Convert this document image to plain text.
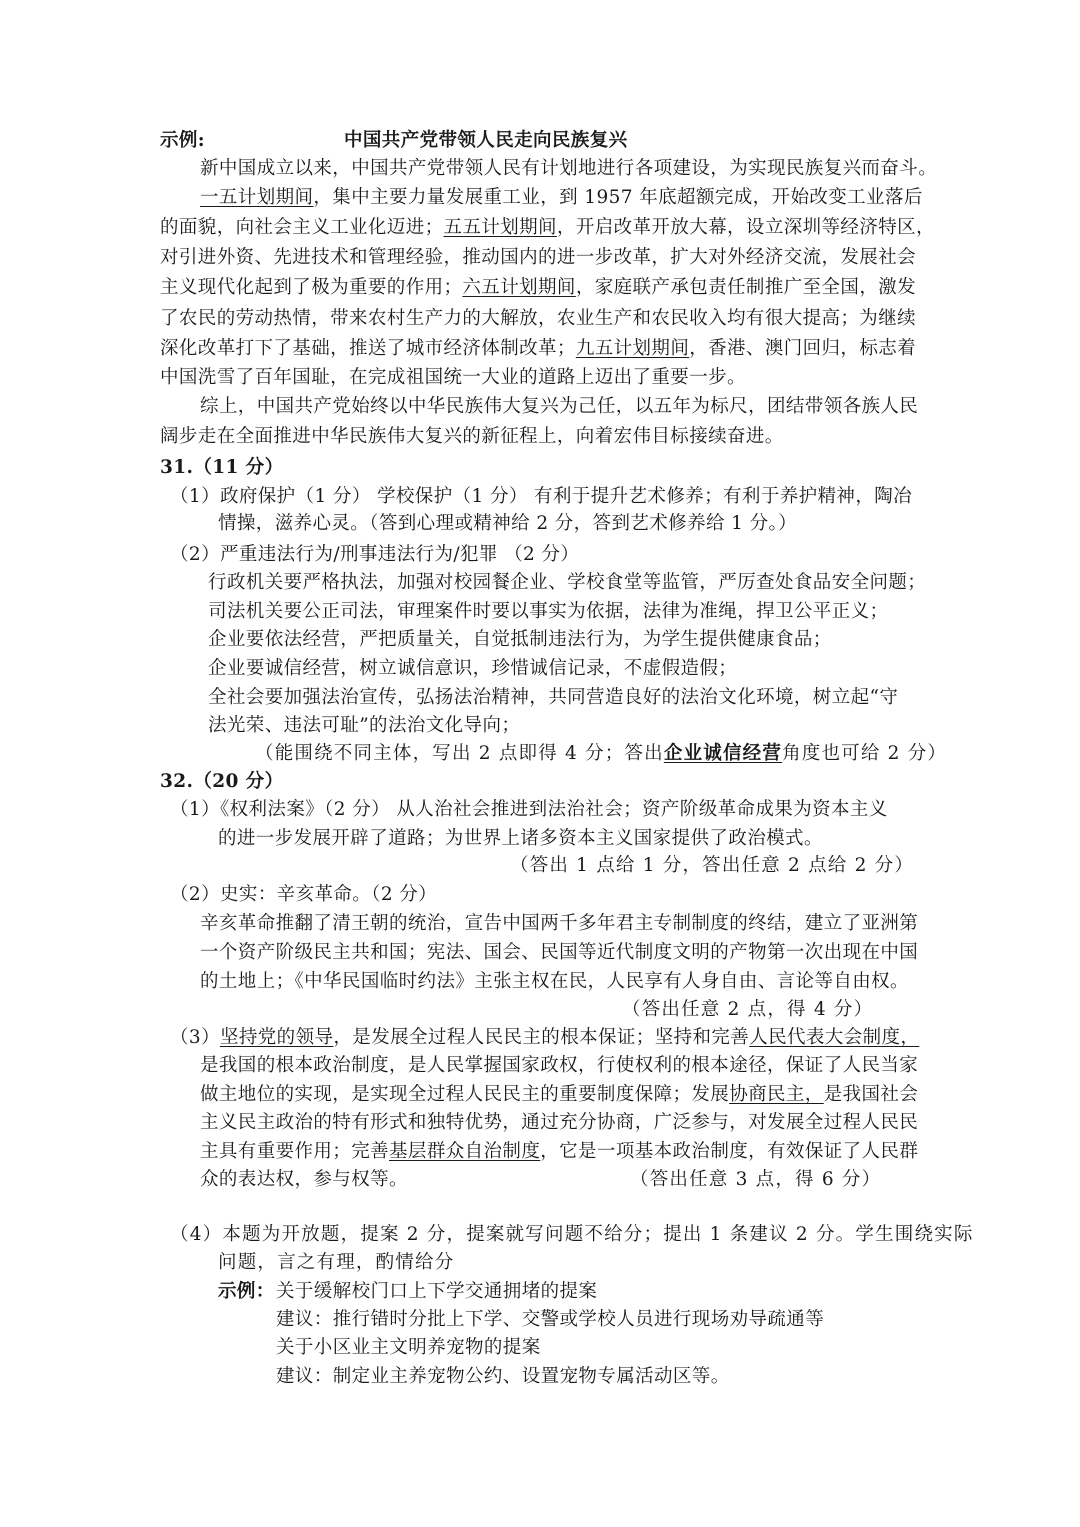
示例:	中国共产党带领人民走向民族复兴
新中国成立以来，中国共产党带领人民有计划地进行各项建设，为实现民族复兴而奋斗。
一五计划期间，集中主要力量发展重工业，到 1957 年底超额完成，开始改变工业落后
的面貌，向社会主义工业化迈进；五五计划期间，开启改革开放大幕，设立深圳等经济特区，
对引进外资、先进技术和管理经验，推动国内的进一步改革，扩大对外经济交流，发展社会
主义现代化起到了极为重要的作用；六五计划期间，家庭联产承包责任制推广至全国，激发
了农民的劳动热情，带来农村生产力的大解放，农业生产和农民收入均有很大提高；为继续
深化改革打下了基础，推送了城市经济体制改革；九五计划期间，香港、澳门回归，标志着
中国洗雪了百年国耻，在完成祖国统一大业的道路上迈出了重要一步。
综上，中国共产党始终以中华民族伟大复兴为己任，以五年为标尺，团结带领各族人民
阔步走在全面推进中华民族伟大复兴的新征程上，向着宏伟目标接续奋进。
31.（11 分）
（1）政府保护（1 分） 学校保护（1 分） 有利于提升艺术修养；有利于养护精神，陶冶
情操，滋养心灵。（答到心理或精神给 2 分，答到艺术修养给 1 分。）
（2）严重违法行为/刑事违法行为/犯罪 （2 分）
行政机关要严格执法，加强对校园餐企业、学校食堂等监管，严厉查处食品安全问题；
司法机关要公正司法，审理案件时要以事实为依据，法律为准绳，捍卫公平正义；
企业要依法经营，严把质量关，自觉抵制违法行为，为学生提供健康食品；
企业要诚信经营，树立诚信意识，珍惜诚信记录，不虚假造假；
全社会要加强法治宣传，弘扬法治精神，共同营造良好的法治文化环境，树立起“守
法光荣、违法可耻”的法治文化导向；
（能围绕不同主体，写出 2 点即得 4 分；答出企业诚信经营角度也可给 2 分）
32.（20 分）
（1）《权利法案》（2 分） 从人治社会推进到法治社会；资产阶级革命成果为资本主义
的进一步发展开辟了道路；为世界上诸多资本主义国家提供了政治模式。
（答出 1 点给 1 分，答出任意 2 点给 2 分）
（2）史实：辛亥革命。（2 分）
辛亥革命推翻了清王朝的统治，宣告中国两千多年君主专制制度的终结，建立了亚洲第
一个资产阶级民主共和国；宪法、国会、民国等近代制度文明的产物第一次出现在中国
的土地上；《中华民国临时约法》主张主权在民，人民享有人身自由、言论等自由权。
（答出任意 2 点，得 4 分）
（3）坚持党的领导，是发展全过程人民民主的根本保证；坚持和完善人民代表大会制度，
是我国的根本政治制度，是人民掌握国家政权，行使权利的根本途径，保证了人民当家
做主地位的实现，是实现全过程人民民主的重要制度保障；发展协商民主，是我国社会
主义民主政治的特有形式和独特优势，通过充分协商，广泛参与，对发展全过程人民民
主具有重要作用；完善基层群众自治制度，它是一项基本政治制度，有效保证了人民群
众的表达权，参与权等。	（答出任意 3 点，得 6 分）
（4）本题为开放题，提案 2 分，提案就写问题不给分；提出 1 条建议 2 分。学生围绕实际
问题，言之有理，酌情给分
示例： 关于缓解校门口上下学交通拥堵的提案
建议：推行错时分批上下学、交警或学校人员进行现场劝导疏通等
关于小区业主文明养宠物的提案
建议：制定业主养宠物公约、设置宠物专属活动区等。
